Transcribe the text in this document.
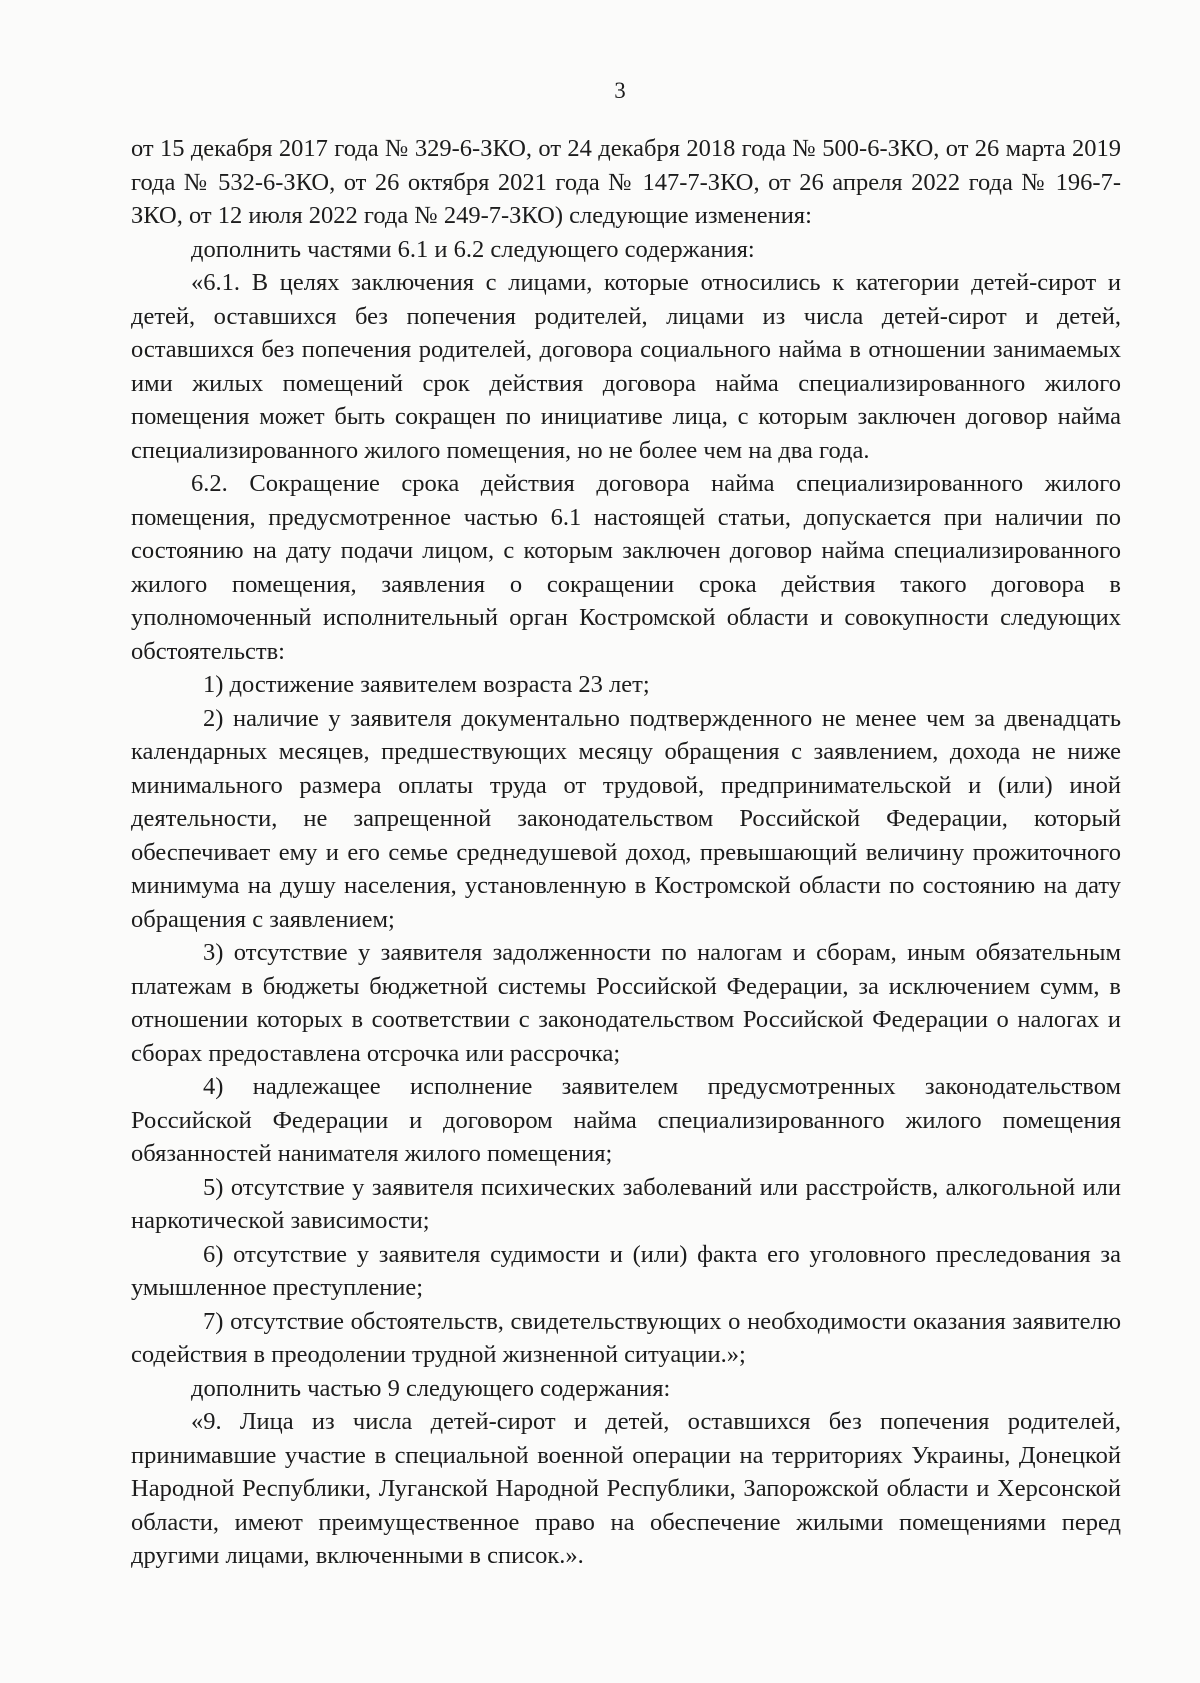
3

от 15 декабря 2017 года № 329-6-ЗКО, от 24 декабря 2018 года № 500-6-ЗКО, от 26 марта 2019 года № 532-6-ЗКО, от 26 октября 2021 года № 147-7-ЗКО, от 26 апреля 2022 года № 196-7-ЗКО, от 12 июля 2022 года № 249-7-ЗКО) следующие изменения:

дополнить частями 6.1 и 6.2 следующего содержания:

«6.1. В целях заключения с лицами, которые относились к категории детей-сирот и детей, оставшихся без попечения родителей, лицами из числа детей-сирот и детей, оставшихся без попечения родителей, договора социального найма в отношении занимаемых ими жилых помещений срок действия договора найма специализированного жилого помещения может быть сокращен по инициативе лица, с которым заключен договор найма специализированного жилого помещения, но не более чем на два года.

6.2. Сокращение срока действия договора найма специализированного жилого помещения, предусмотренное частью 6.1 настоящей статьи, допускается при наличии по состоянию на дату подачи лицом, с которым заключен договор найма специализированного жилого помещения, заявления о сокращении срока действия такого договора в уполномоченный исполнительный орган Костромской области и совокупности следующих обстоятельств:

1) достижение заявителем возраста 23 лет;

2) наличие у заявителя документально подтвержденного не менее чем за двенадцать календарных месяцев, предшествующих месяцу обращения с заявлением, дохода не ниже минимального размера оплаты труда от трудовой, предпринимательской и (или) иной деятельности, не запрещенной законодательством Российской Федерации, который обеспечивает ему и его семье среднедушевой доход, превышающий величину прожиточного минимума на душу населения, установленную в Костромской области по состоянию на дату обращения с заявлением;

3) отсутствие у заявителя задолженности по налогам и сборам, иным обязательным платежам в бюджеты бюджетной системы Российской Федерации, за исключением сумм, в отношении которых в соответствии с законодательством Российской Федерации о налогах и сборах предоставлена отсрочка или рассрочка;

4) надлежащее исполнение заявителем предусмотренных законодательством Российской Федерации и договором найма специализированного жилого помещения обязанностей нанимателя жилого помещения;

5) отсутствие у заявителя психических заболеваний или расстройств, алкогольной или наркотической зависимости;

6) отсутствие у заявителя судимости и (или) факта его уголовного преследования за умышленное преступление;

7) отсутствие обстоятельств, свидетельствующих о необходимости оказания заявителю содействия в преодолении трудной жизненной ситуации.»;

дополнить частью 9 следующего содержания:

«9. Лица из числа детей-сирот и детей, оставшихся без попечения родителей, принимавшие участие в специальной военной операции на территориях Украины, Донецкой Народной Республики, Луганской Народной Республики, Запорожской области и Херсонской области, имеют преимущественное право на обеспечение жилыми помещениями перед другими лицами, включенными в список.».
